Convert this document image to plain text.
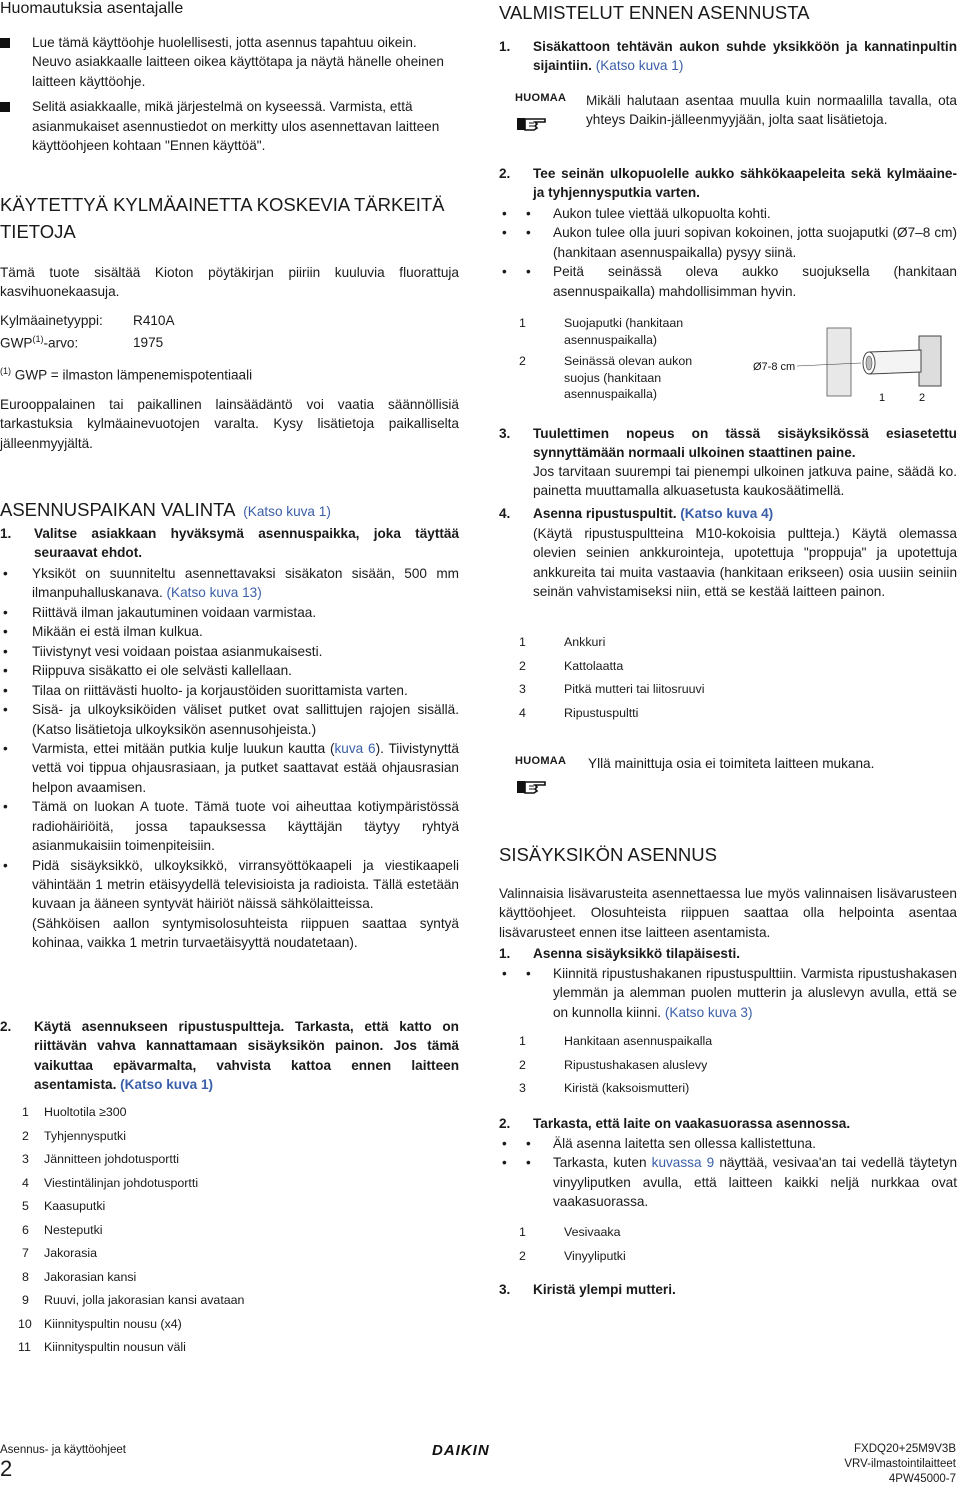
Huomautuksia asentajalle
Lue tämä käyttöohje huolellisesti, jotta asennus tapahtuu oikein. Neuvo asiakkaalle laitteen oikea käyttötapa ja näytä hänelle oheinen laitteen käyttöohje.
Selitä asiakkaalle, mikä järjestelmä on kyseessä. Varmista, että asianmukaiset asennustiedot on merkitty ulos asennettavan laitteen käyttöohjeen kohtaan "Ennen käyttöä".
KÄYTETTYÄ KYLMÄAINETTA KOSKEVIA TÄRKEITÄ TIETOJA
Tämä tuote sisältää Kioton pöytäkirjan piiriin kuuluvia fluorattuja kasvihuonekaasuja.
Kylmäainetyyppi: R410A
GWP$^{(1)}$-arvo:	1975
$^{(1)}$ GWP = ilmaston lämpenemispotentiaali
Eurooppalainen tai paikallinen lainsäädäntö voi vaatia säännöllisiä tarkastuksia kylmäainevuotojen varalta. Kysy lisätietoja paikalliselta jälleenmyyjältä.
ASENNUSPAIKAN VALINTA (Katso kuva 1)
1. Valitse asiakkaan hyväksymä asennuspaikka, joka täyttää seuraavat ehdot.
• Yksiköt on suunniteltu asennettavaksi sisäkaton sisään, 500 mm ilmanpuhalluskanava. (Katso kuva 13)
• Riittävä ilman jakautuminen voidaan varmistaa.
• Mikään ei estä ilman kulkua.
• Tiivistynyt vesi voidaan poistaa asianmukaisesti.
• Riippuva sisäkatto ei ole selvästi kallellaan.
• Tilaa on riittävästi huolto- ja korjaustöiden suorittamista varten.
• Sisä- ja ulkoyksiköiden väliset putket ovat sallittujen rajojen sisällä. (Katso lisätietoja ulkoyksikön asennusohjeista.)
• Varmista, ettei mitään putkia kulje luukun kautta (kuva 6). Tiivistynyttä vettä voi tippua ohjausrasiaan, ja putket saattavat estää ohjausrasian helpon avaamisen.
• Tämä on luokan A tuote. Tämä tuote voi aiheuttaa kotiympäristössä radiohäiriöitä, jossa tapauksessa käyttäjän täytyy ryhtyä asianmukaisiin toimenpiteisiin.
• Pidä sisäyksikkö, ulkoyksikkö, virransyöttökaapeli ja viestikaapeli vähintään 1 metrin etäisyydellä televisioista ja radioista. Tällä estetään kuvaan ja ääneen syntyvät häiriöt näissä sähkölaitteissa.
(Sähköisen aallon syntymisolosuhteista riippuen saattaa syntyä kohinaa, vaikka 1 metrin turvaetäisyyttä noudatetaan).
2. Käytä asennukseen ripustuspultteja. Tarkasta, että katto on riittävän vahva kannattamaan sisäyksikön painon. Jos tämä vaikuttaa epävarmalta, vahvista kattoa ennen laitteen asentamista. (Katso kuva 1)
1 Huoltotila ≥300
2 Tyhjennysputki
3 Jännitteen johdotusportti
4 Viestintälinjan johdotusportti
5 Kaasuputki
6 Nesteputki
7 Jakorasia
8 Jakorasian kansi
9 Ruuvi, jolla jakorasian kansi avataan
10 Kiinnityspultin nousu (x4)
11 Kiinnityspultin nousun väli
VALMISTELUT ENNEN ASENNUSTA
1. Sisäkattoon tehtävän aukon suhde yksikköön ja kannatinpultin sijaintiin. (Katso kuva 1)
HUOMAA Mikäli halutaan asentaa muulla kuin normaalilla tavalla, ota yhteys Daikin-jälleenmyyjään, jolta saat lisätietoja.
2. Tee seinän ulkopuolelle aukko sähkökaapeleita sekä kylmäaine- ja tyhjennysputkia varten.
• • Aukon tulee viettää ulkopuolta kohti.
• • Aukon tulee olla juuri sopivan kokoinen, jotta suojaputki (Ø7–8 cm) (hankitaan asennuspaikalla) pysyy siinä.
• • Peitä seinässä oleva aukko suojuksella (hankitaan asennuspaikalla) mahdollisimman hyvin.
1	Suojaputki (hankitaan asennuspaikalla)
2	Seinässä olevan aukon suojus (hankitaan asennuspaikalla)
Ø7-8 cm
1	2
3. Tuulettimen nopeus on tässä sisäyksikössä esiasetettu synnyttämään normaali ulkoinen staattinen paine.
Jos tarvitaan suurempi tai pienempi ulkoinen jatkuva paine, säädä ko. painetta muuttamalla alkuasetusta kaukosäätimellä.
4. Asenna ripustuspultit. (Katso kuva 4)
(Käytä ripustuspultteina M10-kokoisia pultteja.) Käytä olemassa olevien seinien ankkurointeja, upotettuja "proppuja" ja upotettuja ankkureita tai muita vastaavia (hankitaan erikseen) osia uusiin seiniin seinän vahvistamiseksi niin, että se kestää laitteen painon.
1	Ankkuri
2	Kattolaatta
3	Pitkä mutteri tai liitosruuvi
4	Ripustuspultti
HUOMAA Yllä mainittuja osia ei toimiteta laitteen mukana.
SISÄYKSIKÖN ASENNUS
Valinnaisia lisävarusteita asennettaessa lue myös valinnaisen lisävarusteen käyttöohjeet. Olosuhteista riippuen saattaa olla helpointa asentaa lisävarusteet ennen itse laitteen asentamista.
1. Asenna sisäyksikkö tilapäisesti.
• • Kiinnitä ripustushakanen ripustuspulttiin. Varmista ripustushakasen ylemmän ja alemman puolen mutterin ja aluslevyn avulla, että se on kunnolla kiinni. (Katso kuva 3)
1	Hankitaan asennuspaikalla
2	Ripustushakasen aluslevy
3	Kiristä (kaksoismutteri)
2. Tarkasta, että laite on vaakasuorassa asennossa.
• • Älä asenna laitetta sen ollessa kallistettuna.
• • Tarkasta, kuten kuvassa 9 näyttää, vesivaa'an tai vedellä täytetyn vinyyliputken avulla, että laitteen kaikki neljä nurkkaa ovat vaakasuorassa.
1	Vesivaaka
2	Vinyyliputki
3. Kiristä ylempi mutteri.
Asennus- ja käyttöohjeet
2
DAIKIN	FXDQ20+25M9V3B
VRV-ilmastointilaitteet
4PW45000-7
